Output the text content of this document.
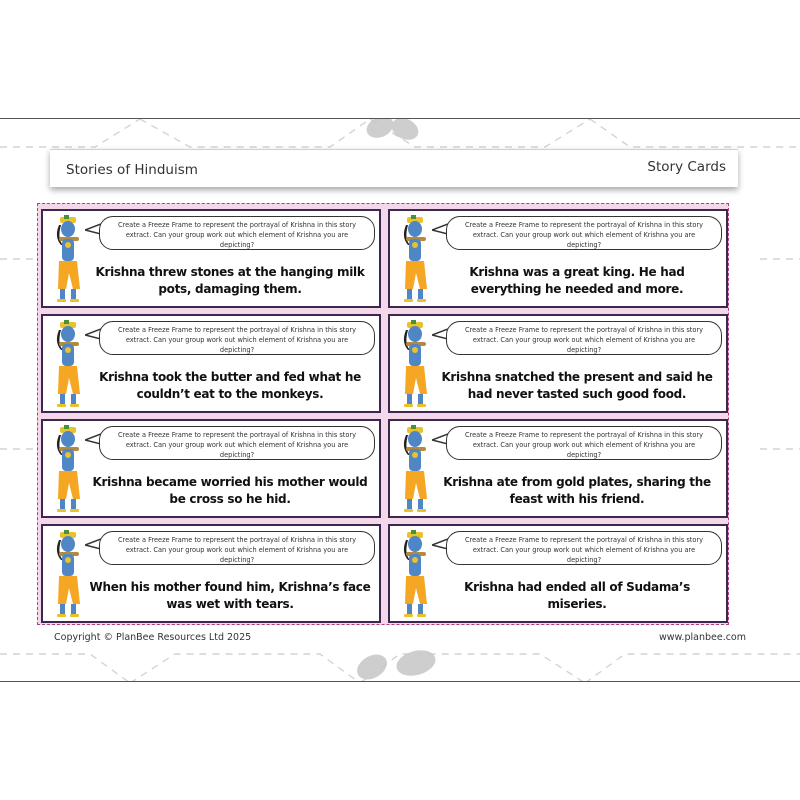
Stories of Hinduism	Story Cards
Create a Freeze Frame to represent the portrayal of Krishna in this story extract. Can your group work out which element of Krishna you are depicting?
Krishna threw stones at the hanging milk pots, damaging them.
Create a Freeze Frame to represent the portrayal of Krishna in this story extract. Can your group work out which element of Krishna you are depicting?
Krishna was a great king. He had everything he needed and more.
Create a Freeze Frame to represent the portrayal of Krishna in this story extract. Can your group work out which element of Krishna you are depicting?
Krishna took the butter and fed what he couldn’t eat to the monkeys.
Create a Freeze Frame to represent the portrayal of Krishna in this story extract. Can your group work out which element of Krishna you are depicting?
Krishna snatched the present and said he had never tasted such good food.
Create a Freeze Frame to represent the portrayal of Krishna in this story extract. Can your group work out which element of Krishna you are depicting?
Krishna became worried his mother would be cross so he hid.
Create a Freeze Frame to represent the portrayal of Krishna in this story extract. Can your group work out which element of Krishna you are depicting?
Krishna ate from gold plates, sharing the feast with his friend.
Create a Freeze Frame to represent the portrayal of Krishna in this story extract. Can your group work out which element of Krishna you are depicting?
When his mother found him, Krishna’s face was wet with tears.
Create a Freeze Frame to represent the portrayal of Krishna in this story extract. Can your group work out which element of Krishna you are depicting?
Krishna had ended all of Sudama’s miseries.
Copyright © PlanBee Resources Ltd 2025	www.planbee.com
